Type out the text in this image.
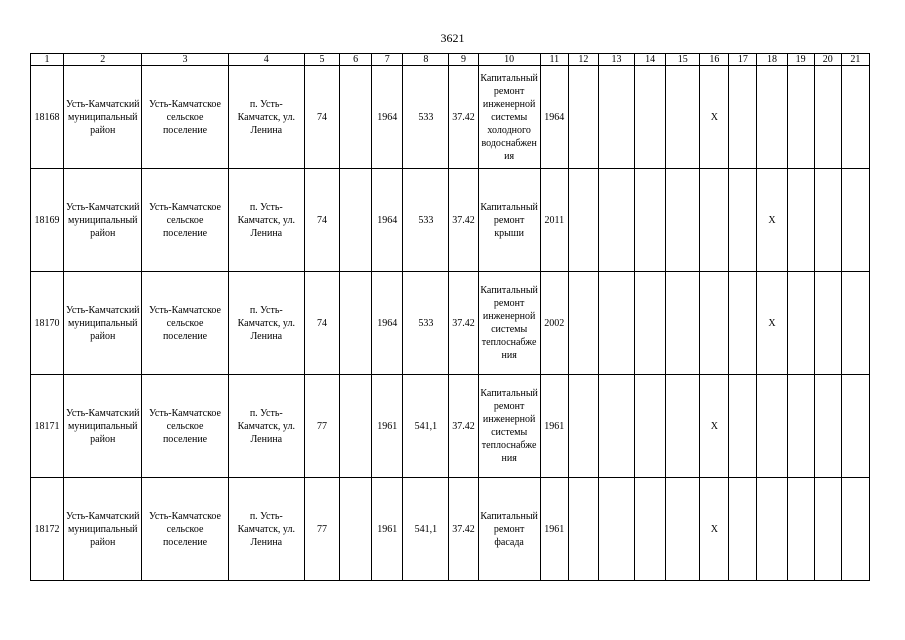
3621
1	2	3	4	5	6	7	8	9	10	11	12	13	14	15	16	17	18	19	20	21
18168	Усть-Камчатский муниципальный район	Усть-Камчатское сельское поселение	п. Усть-Камчатск, ул. Ленина	74		1964	533	37.42	Капитальный ремонт инженерной системы холодного водоснабжения	1964					X					
18169	Усть-Камчатский муниципальный район	Усть-Камчатское сельское поселение	п. Усть-Камчатск, ул. Ленина	74		1964	533	37.42	Капитальный ремонт крыши	2011							X			
18170	Усть-Камчатский муниципальный район	Усть-Камчатское сельское поселение	п. Усть-Камчатск, ул. Ленина	74		1964	533	37.42	Капитальный ремонт инженерной системы теплоснабжения	2002							X			
18171	Усть-Камчатский муниципальный район	Усть-Камчатское сельское поселение	п. Усть-Камчатск, ул. Ленина	77		1961	541,1	37.42	Капитальный ремонт инженерной системы теплоснабжения	1961					X					
18172	Усть-Камчатский муниципальный район	Усть-Камчатское сельское поселение	п. Усть-Камчатск, ул. Ленина	77		1961	541,1	37.42	Капитальный ремонт фасада	1961					X					
